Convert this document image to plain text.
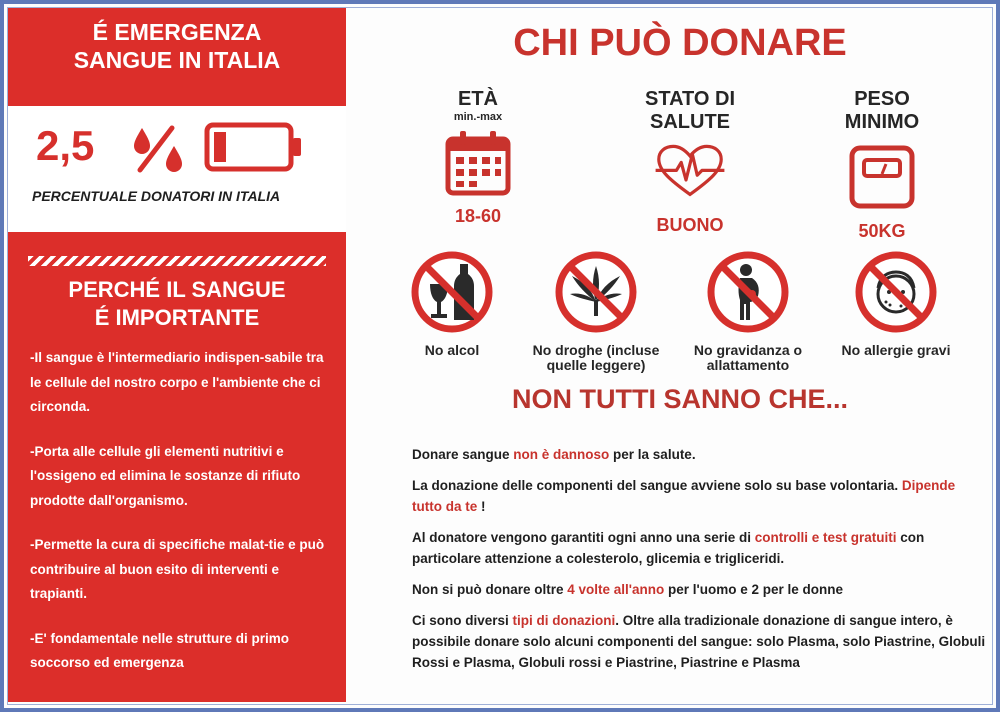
É EMERGENZA
SANGUE IN ITALIA
2,5
PERCENTUALE DONATORI IN ITALIA
PERCHÉ IL SANGUE
É IMPORTANTE
-Il sangue è l'intermediario indispen-sabile tra le cellule del nostro corpo e l'ambiente che ci circonda.
-Porta alle cellule gli elementi nutritivi e l'ossigeno ed elimina le sostanze di rifiuto prodotte dall'organismo.
-Permette la cura di specifiche malat-tie e può contribuire al buon esito di interventi e trapianti.
-E' fondamentale nelle strutture di primo soccorso ed emergenza
CHI PUÒ DONARE
ETÀ
min.-max
18-60
STATO DI SALUTE
BUONO
PESO MINIMO
50KG
No alcol	No droghe (incluse quelle leggere)
No gravidanza o allattamento
No allergie gravi
NON TUTTI SANNO CHE...
Donare sangue non è dannoso per la salute.
La donazione delle componenti del sangue avviene solo su base volontaria. Dipende tutto da te !
Al donatore vengono garantiti ogni anno una serie di controlli e test gratuiti con particolare attenzione a colesterolo, glicemia e trigliceridi.
Non si può donare oltre 4 volte all'anno per l'uomo e 2 per le donne
Ci sono diversi tipi di donazioni. Oltre alla tradizionale donazione di sangue intero, è possibile donare solo alcuni componenti del sangue: solo Plasma, solo Piastrine, Globuli Rossi e Plasma, Globuli rossi e Piastrine, Piastrine e Plasma
